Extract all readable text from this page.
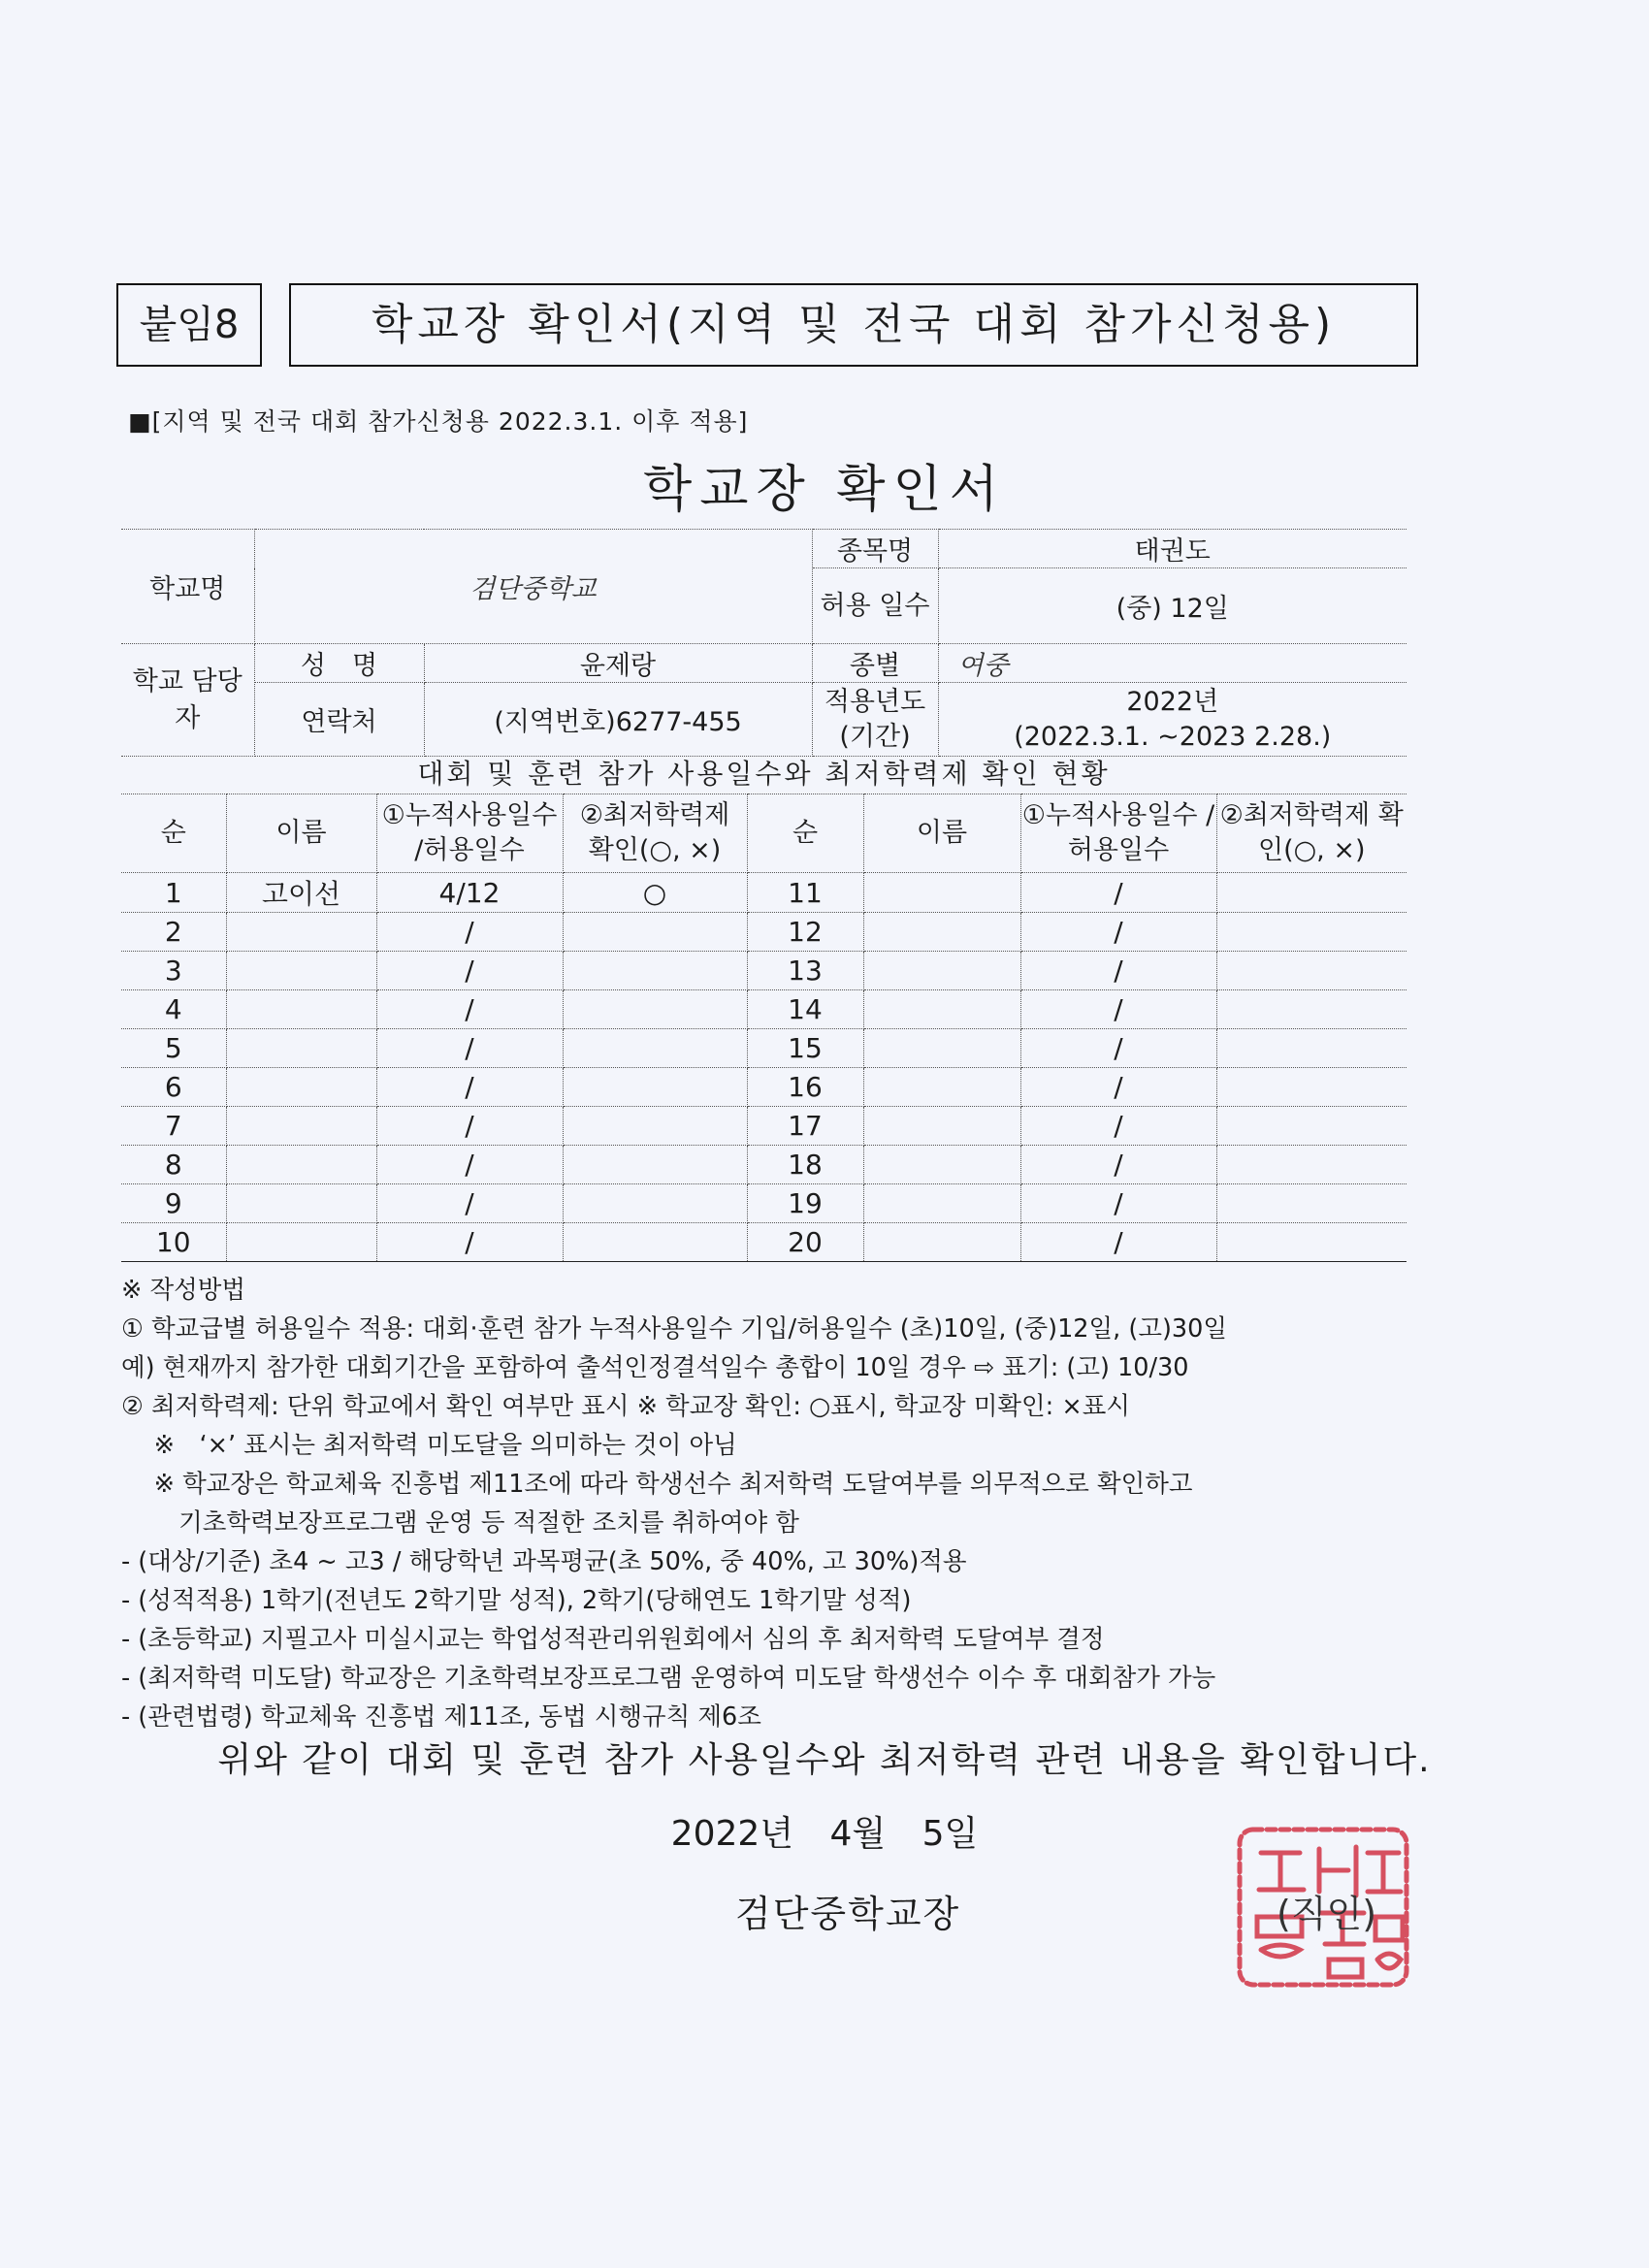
붙임8	학교장 확인서(지역 및 전국 대회 참가신청용)
■[지역 및 전국 대회 참가신청용 2022.3.1. 이후 적용]
학교장 확인서
학교명	검단중학교		종목명	태권도
			허용 일수	(중) 12일
학교 담당자	성　명	윤제랑	종별	여중
	연락처	(지역번호)6277-455	적용년도 (기간)	2022년
(2022.3.1. ~2023 2.28.)
대회 및 훈련 참가 사용일수와 최저학력제 확인 현황
순	이름	①누적사용일수 /허용일수	②최저학력제 확인(○, ×)	순	이름	①누적사용일수 /허용일수	②최저학력제 확인(○, ×)
1	고이선	4/12	○	11		/	
2		/		12		/	
3		/		13		/	
4		/		14		/	
5		/		15		/	
6		/		16		/	
7		/		17		/	
8		/		18		/	
9		/		19		/	
10		/		20		/	
※ 작성방법
① 학교급별 허용일수 적용: 대회·훈련 참가 누적사용일수 기입/허용일수 (초)10일, (중)12일, (고)30일
예) 현재까지 참가한 대회기간을 포함하여 출석인정결석일수 총합이 10일 경우 ⇨ 표기: (고) 10/30
② 최저학력제: 단위 학교에서 확인 여부만 표시 ※ 학교장 확인: ○표시, 학교장 미확인: ×표시
　 ※　‘×’ 표시는 최저학력 미도달을 의미하는 것이 아님
　 ※ 학교장은 학교체육 진흥법 제11조에 따라 학생선수 최저학력 도달여부를 의무적으로 확인하고
　　 기초학력보장프로그램 운영 등 적절한 조치를 취하여야 함
- (대상/기준) 초4 ~ 고3 / 해당학년 과목평균(초 50%, 중 40%, 고 30%)적용
- (성적적용) 1학기(전년도 2학기말 성적), 2학기(당해연도 1학기말 성적)
- (초등학교) 지필고사 미실시교는 학업성적관리위원회에서 심의 후 최저학력 도달여부 결정
- (최저학력 미도달) 학교장은 기초학력보장프로그램 운영하여 미도달 학생선수 이수 후 대회참가 가능
- (관련법령) 학교체육 진흥법 제11조, 동법 시행규칙 제6조
위와 같이 대회 및 훈련 참가 사용일수와 최저학력 관련 내용을 확인합니다.
2022년 4월 5일
검단중학교장	(직인)
